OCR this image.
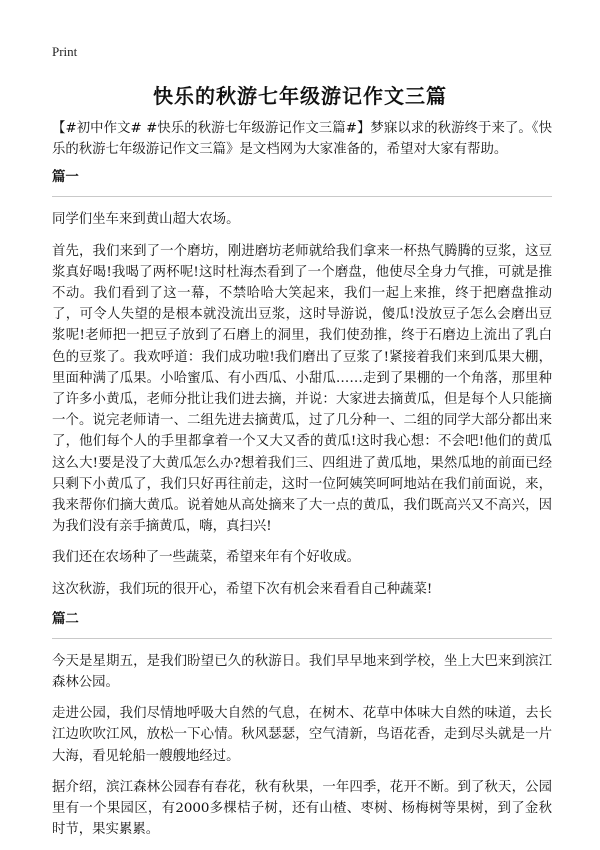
Print
快乐的秋游七年级游记作文三篇

【#初中作文# #快乐的秋游七年级游记作文三篇#】梦寐以求的秋游终于来了。《快乐的秋游七年级游记作文三篇》是文档网为大家准备的，希望对大家有帮助。

篇一

同学们坐车来到黄山超大农场。

首先，我们来到了一个磨坊，刚进磨坊老师就给我们拿来一杯热气腾腾的豆浆，这豆浆真好喝!我喝了两杯呢!这时杜海杰看到了一个磨盘，他使尽全身力气推，可就是推不动。我们看到了这一幕，不禁哈哈大笑起来，我们一起上来推，终于把磨盘推动了，可令人失望的是根本就没流出豆浆，这时导游说，傻瓜!没放豆子怎么会磨出豆浆呢!老师把一把豆子放到了石磨上的洞里，我们使劲推，终于石磨边上流出了乳白色的豆浆了。我欢呼道：我们成功啦!我们磨出了豆浆了!紧接着我们来到瓜果大棚，里面种满了瓜果。小哈蜜瓜、有小西瓜、小甜瓜……走到了果棚的一个角落，那里种了许多小黄瓜，老师分批让我们进去摘，并说：大家进去摘黄瓜，但是每个人只能摘一个。说完老师请一、二组先进去摘黄瓜，过了几分种一、二组的同学大部分都出来了，他们每个人的手里都拿着一个又大又香的黄瓜!这时我心想：不会吧!他们的黄瓜这么大!要是没了大黄瓜怎么办?想着我们三、四组进了黄瓜地，果然瓜地的前面已经只剩下小黄瓜了，我们只好再往前走，这时一位阿姨笑呵呵地站在我们前面说，来，我来帮你们摘大黄瓜。说着她从高处摘来了大一点的黄瓜，我们既高兴又不高兴，因为我们没有亲手摘黄瓜，嗨，真扫兴!

我们还在农场种了一些蔬菜，希望来年有个好收成。

这次秋游，我们玩的很开心，希望下次有机会来看看自己种蔬菜!

篇二

今天是星期五，是我们盼望已久的秋游日。我们早早地来到学校，坐上大巴来到滨江森林公园。

走进公园，我们尽情地呼吸大自然的气息，在树木、花草中体味大自然的味道，去长江边吹吹江风，放松一下心情。秋风瑟瑟，空气清新，鸟语花香，走到尽头就是一片大海，看见轮船一艘艘地经过。

据介绍，滨江森林公园春有春花，秋有秋果，一年四季，花开不断。到了秋天，公园里有一个果园区，有2000多棵桔子树，还有山楂、枣树、杨梅树等果树，到了金秋时节，果实累累。
